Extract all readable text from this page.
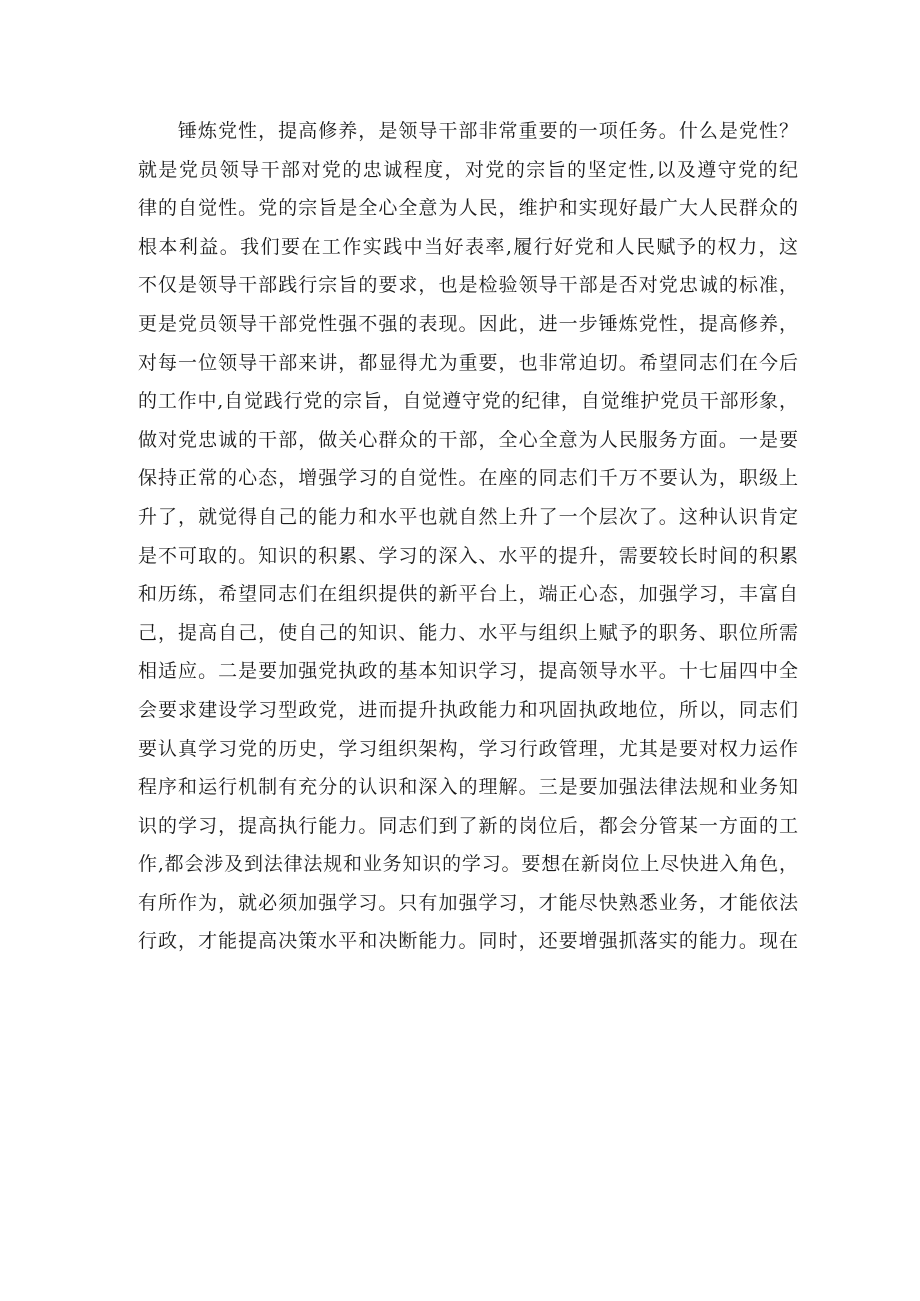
锤炼党性，提高修养，是领导干部非常重要的一项任务。什么是党性？
就是党员领导干部对党的忠诚程度，对党的宗旨的坚定性,以及遵守党的纪
律的自觉性。党的宗旨是全心全意为人民，维护和实现好最广大人民群众的
根本利益。我们要在工作实践中当好表率,履行好党和人民赋予的权力，这
不仅是领导干部践行宗旨的要求，也是检验领导干部是否对党忠诚的标准，
更是党员领导干部党性强不强的表现。因此，进一步锤炼党性，提高修养，
对每一位领导干部来讲，都显得尤为重要，也非常迫切。希望同志们在今后
的工作中,自觉践行党的宗旨，自觉遵守党的纪律，自觉维护党员干部形象，
做对党忠诚的干部，做关心群众的干部，全心全意为人民服务方面。一是要
保持正常的心态，增强学习的自觉性。在座的同志们千万不要认为，职级上
升了，就觉得自己的能力和水平也就自然上升了一个层次了。这种认识肯定
是不可取的。知识的积累、学习的深入、水平的提升，需要较长时间的积累
和历练，希望同志们在组织提供的新平台上，端正心态，加强学习，丰富自
己，提高自己，使自己的知识、能力、水平与组织上赋予的职务、职位所需
相适应。二是要加强党执政的基本知识学习，提高领导水平。十七届四中全
会要求建设学习型政党，进而提升执政能力和巩固执政地位，所以，同志们
要认真学习党的历史，学习组织架构，学习行政管理，尤其是要对权力运作
程序和运行机制有充分的认识和深入的理解。三是要加强法律法规和业务知
识的学习，提高执行能力。同志们到了新的岗位后，都会分管某一方面的工
作,都会涉及到法律法规和业务知识的学习。要想在新岗位上尽快进入角色，
有所作为，就必须加强学习。只有加强学习，才能尽快熟悉业务，才能依法
行政，才能提高决策水平和决断能力。同时，还要增强抓落实的能力。现在
